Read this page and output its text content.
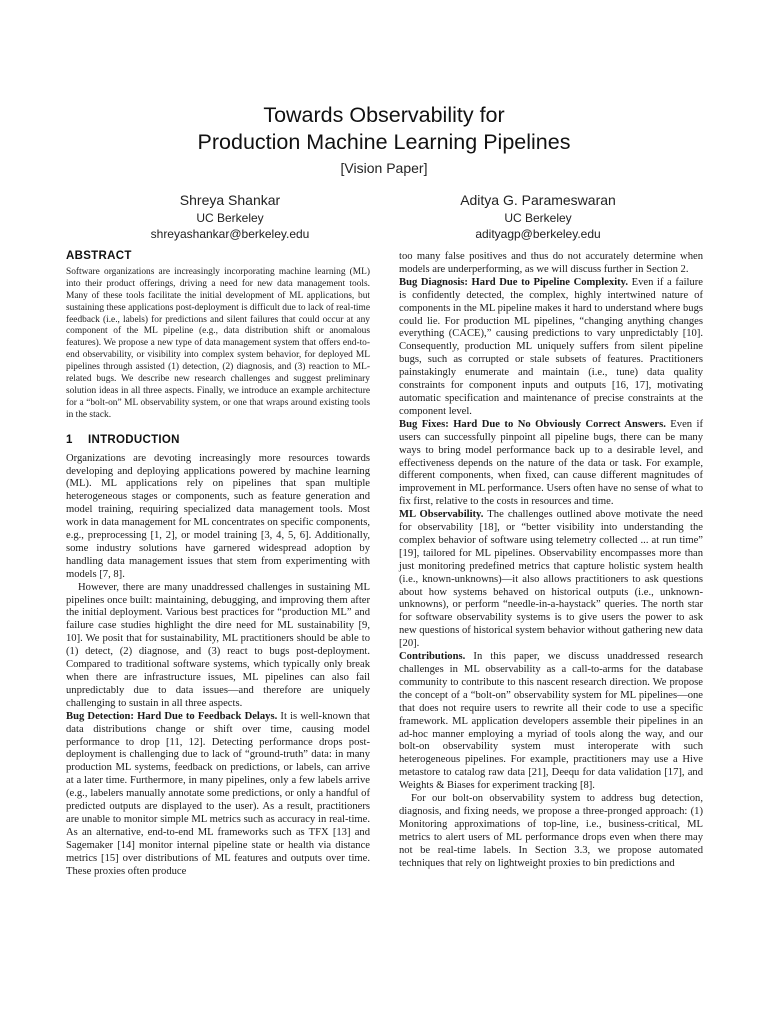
Towards Observability for
Production Machine Learning Pipelines
[Vision Paper]
Shreya Shankar
UC Berkeley
shreyashankar@berkeley.edu
Aditya G. Parameswaran
UC Berkeley
adityagp@berkeley.edu
ABSTRACT

Software organizations are increasingly incorporating machine learning (ML) into their product offerings, driving a need for new data management tools. Many of these tools facilitate the initial development of ML applications, but sustaining these applications post-deployment is difficult due to lack of real-time feedback (i.e., labels) for predictions and silent failures that could occur at any component of the ML pipeline (e.g., data distribution shift or anomalous features). We propose a new type of data management system that offers end-to-end observability, or visibility into complex system behavior, for deployed ML pipelines through assisted (1) detection, (2) diagnosis, and (3) reaction to ML-related bugs. We describe new research challenges and suggest preliminary solution ideas in all three aspects. Finally, we introduce an example architecture for a “bolt-on” ML observability system, or one that wraps around existing tools in the stack.

1 INTRODUCTION

Organizations are devoting increasingly more resources towards developing and deploying applications powered by machine learning (ML). ML applications rely on pipelines that span multiple heterogeneous stages or components, such as feature generation and model training, requiring specialized data management tools. Most work in data management for ML concentrates on specific components, e.g., preprocessing [1, 2], or model training [3, 4, 5, 6]. Additionally, some industry solutions have garnered widespread adoption by handling data management issues that stem from experimenting with models [7, 8].

However, there are many unaddressed challenges in sustaining ML pipelines once built: maintaining, debugging, and improving them after the initial deployment. Various best practices for “production ML” and failure case studies highlight the dire need for ML sustainability [9, 10]. We posit that for sustainability, ML practitioners should be able to (1) detect, (2) diagnose, and (3) react to bugs post-deployment. Compared to traditional software systems, which typically only break when there are infrastructure issues, ML pipelines can also fail unpredictably due to data issues—and therefore are uniquely challenging to sustain in all three aspects.

Bug Detection: Hard Due to Feedback Delays. It is well-known that data distributions change or shift over time, causing model performance to drop [11, 12]. Detecting performance drops post-deployment is challenging due to lack of “ground-truth” data: in many production ML systems, feedback on predictions, or labels, can arrive at a later time. Furthermore, in many pipelines, only a few labels arrive (e.g., labelers manually annotate some predictions, or only a handful of predicted outputs are displayed to the user). As a result, practitioners are unable to monitor simple ML metrics such as accuracy in real-time. As an alternative, end-to-end ML frameworks such as TFX [13] and Sagemaker [14] monitor internal pipeline state or health via distance metrics [15] over distributions of ML features and outputs over time. These proxies often produce

too many false positives and thus do not accurately determine when models are underperforming, as we will discuss further in Section 2.

Bug Diagnosis: Hard Due to Pipeline Complexity. Even if a failure is confidently detected, the complex, highly intertwined nature of components in the ML pipeline makes it hard to understand where bugs could lie. For production ML pipelines, “changing anything changes everything (CACE),” causing predictions to vary unpredictably [10]. Consequently, production ML uniquely suffers from silent pipeline bugs, such as corrupted or stale subsets of features. Practitioners painstakingly enumerate and maintain (i.e., tune) data quality constraints for component inputs and outputs [16, 17], motivating automatic specification and maintenance of precise constraints at the component level.

Bug Fixes: Hard Due to No Obviously Correct Answers. Even if users can successfully pinpoint all pipeline bugs, there can be many ways to bring model performance back up to a desirable level, and effectiveness depends on the nature of the data or task. For example, different components, when fixed, can cause different magnitudes of improvement in ML performance. Users often have no sense of what to fix first, relative to the costs in resources and time.

ML Observability. The challenges outlined above motivate the need for observability [18], or “better visibility into understanding the complex behavior of software using telemetry collected ... at run time” [19], tailored for ML pipelines. Observability encompasses more than just monitoring predefined metrics that capture holistic system health (i.e., known-unknowns)—it also allows practitioners to ask questions about how systems behaved on historical outputs (i.e., unknown-unknowns), or perform “needle-in-a-haystack” queries. The north star for software observability systems is to give users the power to ask new questions of historical system behavior without gathering new data [20].

Contributions. In this paper, we discuss unaddressed research challenges in ML observability as a call-to-arms for the database community to contribute to this nascent research direction. We propose the concept of a “bolt-on” observability system for ML pipelines—one that does not require users to rewrite all their code to use a specific framework. ML application developers assemble their pipelines in an ad-hoc manner employing a myriad of tools along the way, and our bolt-on observability system must interoperate with such heterogeneous pipelines. For example, practitioners may use a Hive metastore to catalog raw data [21], Deequ for data validation [17], and Weights & Biases for experiment tracking [8].

For our bolt-on observability system to address bug detection, diagnosis, and fixing needs, we propose a three-pronged approach: (1) Monitoring approximations of top-line, i.e., business-critical, ML metrics to alert users of ML performance drops even when there may not be real-time labels. In Section 3.3, we propose automated techniques that rely on lightweight proxies to bin predictions and
